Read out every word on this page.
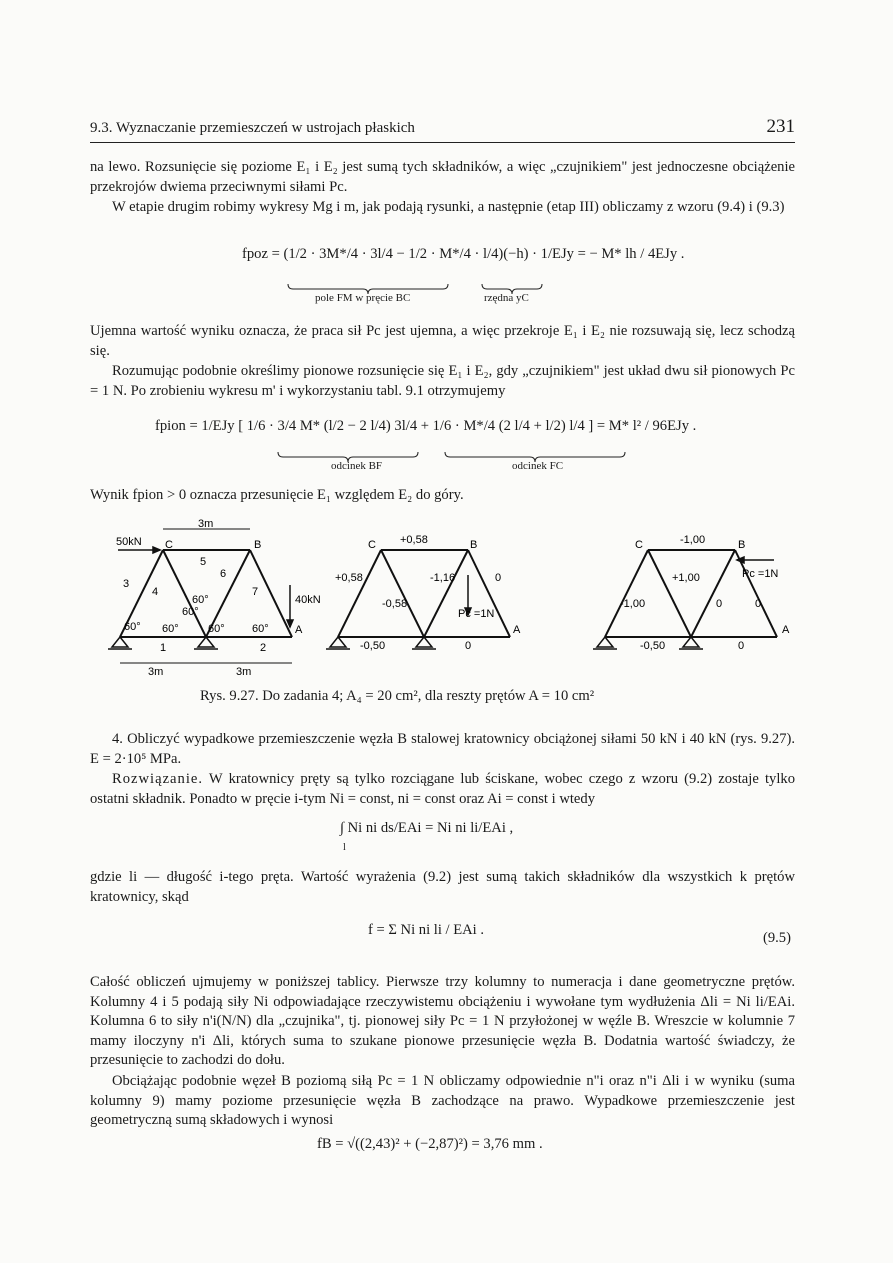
9.3. Wyznaczanie przemieszczeń w ustrojach płaskich	231
na lewo. Rozsunięcie się poziome E₁ i E₂ jest sumą tych składników, a więc „czujnikiem" jest jednoczesne obciążenie przekrojów dwiema przeciwnymi siłami Pc.
W etapie drugim robimy wykresy Mg i m, jak podają rysunki, a następnie (etap III) obliczamy z wzoru (9.4) i (9.3)
fpoz = (1/2 · 3M*/4 · 3l/4 − 1/2 · M*/4 · l/4)(−h) · 1/EJy = − M* lh / 4EJy .
pole FM w pręcie BC	rzędna yC
Ujemna wartość wyniku oznacza, że praca sił Pc jest ujemna, a więc przekroje E₁ i E₂ nie rozsuwają się, lecz schodzą się.
Rozumując podobnie określimy pionowe rozsunięcie się E₁ i E₂, gdy „czujnikiem" jest układ dwu sił pionowych Pc = 1 N. Po zrobieniu wykresu m' i wykorzystaniu tabl. 9.1 otrzymujemy
fpion = 1/EJy [ 1/6 · 3/4 M* (l/2 − 2 l/4) 3l/4 + 1/6 · M*/4 (2 l/4 + l/2) l/4 ] = M* l² / 96EJy .
odcinek BF	odcinek FC
Wynik fpion > 0 oznacza przesunięcie E₁ względem E₂ do góry.
50kN
3m
3m	3m
40kN
C	B
A
1	2
3
4
5
6
7
60° 60°
60°
60° 60°
60°
C	B
A
+0,58
+0,58	-1,16	0
-0,58
-0,50	0
Pc =1N
C	B
A
-1,00
+1,00
-1,00	0	0
-0,50	0
Pc =1N
Rys. 9.27. Do zadania 4; A₄ = 20 cm², dla reszty prętów A = 10 cm²
4. Obliczyć wypadkowe przemieszczenie węzła B stalowej kratownicy obciążonej siłami 50 kN i 40 kN (rys. 9.27). E = 2·10⁵ MPa.
Rozwiązanie. W kratownicy pręty są tylko rozciągane lub ściskane, wobec czego z wzoru (9.2) zostaje tylko ostatni składnik. Ponadto w pręcie i-tym Ni = const, ni = const oraz Ai = const i wtedy
∫ Ni ni ds/EAi = Ni ni li/EAi ,
l
gdzie li — długość i-tego pręta. Wartość wyrażenia (9.2) jest sumą takich składników dla wszystkich k prętów kratownicy, skąd
f = Σ Ni ni li / EAi .	(9.5)
Całość obliczeń ujmujemy w poniższej tablicy. Pierwsze trzy kolumny to numeracja i dane geometryczne prętów. Kolumny 4 i 5 podają siły Ni odpowiadające rzeczywistemu obciążeniu i wywołane tym wydłużenia Δli = Ni li/EAi. Kolumna 6 to siły n'i(N/N) dla „czujnika", tj. pionowej siły Pc = 1 N przyłożonej w węźle B. Wreszcie w kolumnie 7 mamy iloczyny n'i Δli, których suma to szukane pionowe przesunięcie węzła B. Dodatnia wartość świadczy, że przesunięcie to zachodzi do dołu.
Obciążając podobnie węzeł B poziomą siłą Pc = 1 N obliczamy odpowiednie n"i oraz n"i Δli i w wyniku (suma kolumny 9) mamy poziome przesunięcie węzła B zachodzące na prawo. Wypadkowe przemieszczenie jest geometryczną sumą składowych i wynosi
fB = √((2,43)² + (−2,87)²) = 3,76 mm .
